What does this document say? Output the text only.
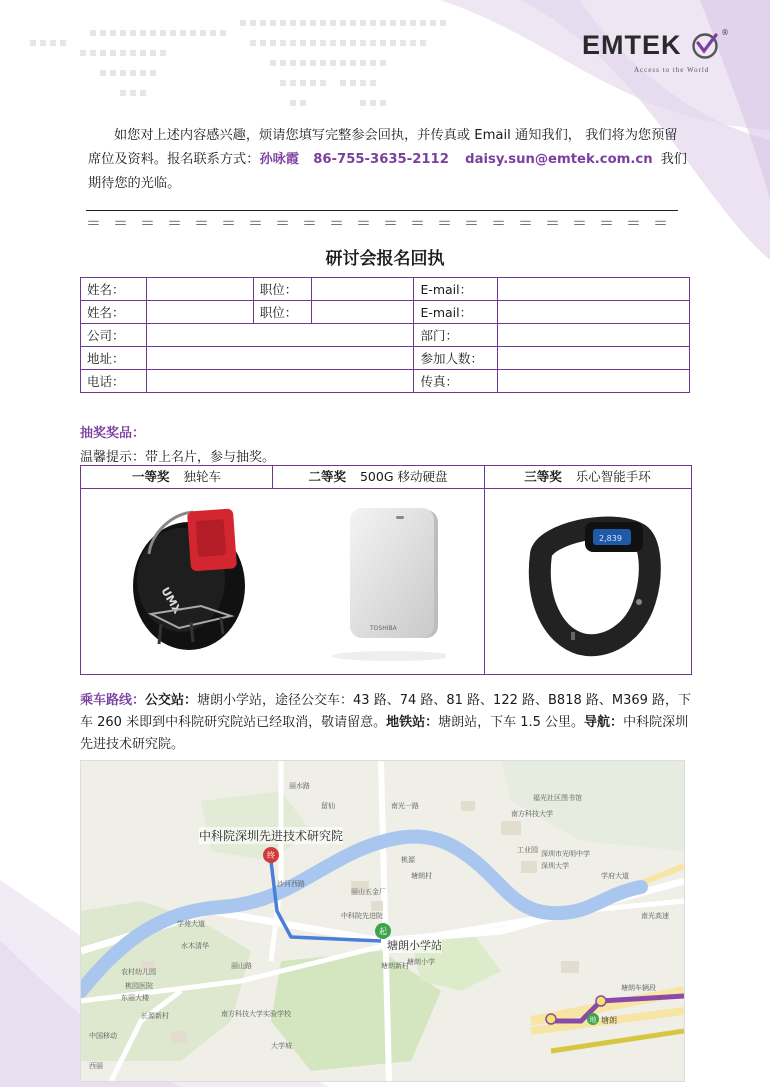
EMTEK	®
Access to the World
如您对上述内容感兴趣，烦请您填写完整参会回执，并传真或 Email 通知我们， 我们将为您预留席位及资料。报名联系方式：孙咏霞 86-755-3635-2112 daisy.sun@emtek.com.cn 我们期待您的光临。
＝＝＝＝＝＝＝＝＝＝＝＝＝＝＝＝＝＝＝＝＝＝
研讨会报名回执
姓名：		职位：		E-mail：	
姓名：		职位：		E-mail：	
公司：				部门：	
地址：				参加人数：	
电话：				传真：	
抽奖奖品：
温馨提示：带上名片，参与抽奖。
一等奖 独轮车	二等奖 500G 移动硬盘	三等奖 乐心智能手环
UMX
TOSHIBA
2,839
乘车路线：公交站：塘朗小学站，途径公交车：43 路、74 路、81 路、122 路、B818 路、M369 路，下车 260 米即到中科院研究院站已经取消，敬请留意。地铁站：塘朗站，下车 1.5 公里。导航：中科院深圳先进技术研究院。
终
起
地
中科院深圳先进技术研究院
塘朗小学站
塘朗
留仙
丽水路
南光一路
南方科技大学
深圳大学
塘朗村
学苑大道
桃源
水木清华
桃园医院
南方科技大学实验学校
沙河西路
塘朗小学
丽山路
学府大道
工业园
东丽大楼
福光社区图书馆
丽山五金厂
深圳市光明中学
长源新村
农村幼儿园
塘朗新村
中科院先进院
中国移动
大学城
南光高速
塘朗车辆段
西丽
